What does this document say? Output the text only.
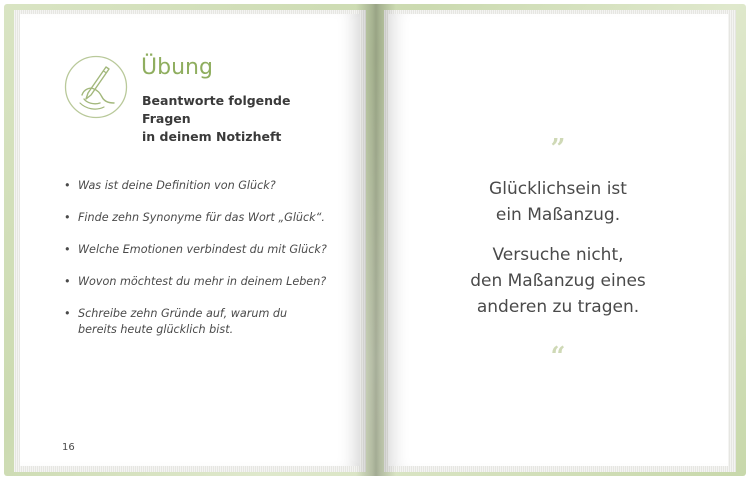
Übung
Beantworte folgende Fragen
in deinem Notizheft
• Was ist deine Definition von Glück?
• Finde zehn Synonyme für das Wort „Glück“.
• Welche Emotionen verbindest du mit Glück?
• Wovon möchtest du mehr in deinem Leben?
• Schreibe zehn Gründe auf, warum du bereits heute glücklich bist.
16
”
Glücklichsein ist
ein Maßanzug.
Versuche nicht,
den Maßanzug eines
anderen zu tragen.
“
